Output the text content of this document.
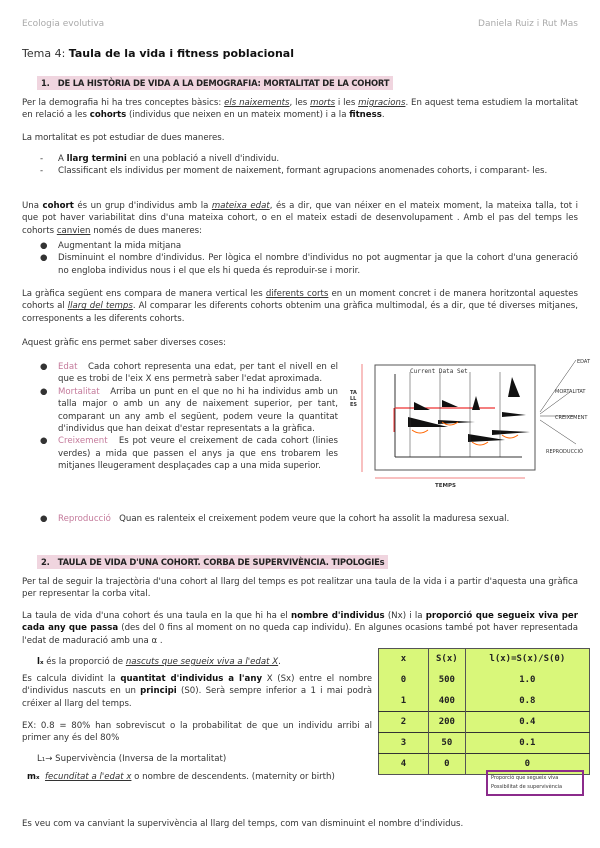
Ecologia evolutiva	Daniela Ruiz i Rut Mas
Tema 4: Taula de la vida i fitness poblacional
1. DE LA HISTÒRIA DE VIDA A LA DEMOGRAFIA: MORTALITAT DE LA COHORT

Per la demografia hi ha tres conceptes bàsics: els naixements, les morts i les migracions. En aquest tema estudiem la mortalitat en relació a les cohorts (individus que neixen en un mateix moment) i a la fitness.

La mortalitat es pot estudiar de dues maneres.

- A llarg termini en una població a nivell d'individu.
- Classificant els individus per moment de naixement, formant agrupacions anomenades cohorts, i comparant- les.

Una cohort és un grup d'individus amb la mateixa edat, és a dir, que van néixer en el mateix moment, la mateixa talla, tot i que pot haver variabilitat dins d'una mateixa cohort, o en el mateix estadi de desenvolupament . Amb el pas del temps les cohorts canvien només de dues maneres:

● Augmentant la mida mitjana
● Disminuint el nombre d'individus. Per lògica el nombre d'individus no pot augmentar ja que la cohort d'una generació no engloba individus nous i el que els hi queda és reproduir-se i morir.

La gràfica següent ens compara de manera vertical les diferents corts en un moment concret i de manera horitzontal aquestes cohorts al llarg del temps. Al comparar les diferents cohorts obtenim una gràfica multimodal, és a dir, que té diverses mitjanes, corresponents a les diferents cohorts.

Aquest gràfic ens permet saber diverses coses:

● Edat Cada cohort representa una edat, per tant el nivell en el que es trobi de l'eix X ens permetrà saber l'edat aproximada.
● Mortalitat Arriba un punt en el que no hi ha individus amb un talla major o amb un any de naixement superior, per tant, comparant un any amb el següent, podem veure la quantitat d'individus que han deixat d'estar representats a la gràfica.
● Creixement Es pot veure el creixement de cada cohort (linies verdes) a mida que passen el anys ja que ens trobarem les mitjanes lleugerament desplaçades cap a una mida superior.
● Reproducció Quan es ralenteix el creixement podem veure que la cohort ha assolit la maduresa sexual.
Current Data Set
TALLES
TEMPS
EDAT
MORTALITAT
CREIXEMENT
REPRODUCCIÓ
2. TAULA DE VIDA D'UNA COHORT. CORBA DE SUPERVIVÈNCIA. TIPOLOGIEs

Per tal de seguir la trajectòria d'una cohort al llarg del temps es pot realitzar una taula de la vida i a partir d'aquesta una gràfica per representar la corba vital.

La taula de vida d'una cohort és una taula en la que hi ha el nombre d'individus (Nx) i la proporció que segueix viva per cada any que passa (des del 0 fins al moment on no queda cap individu). En algunes ocasions també pot haver representada l'edat de maduració amb una α .

lₓ és la proporció de nascuts que segueix viva a l'edat X.

Es calcula dividint la quantitat d'individus a l'any X (Sx) entre el nombre d'individus nascuts en un principi (S0). Serà sempre inferior a 1 i mai podrà créixer al llarg del temps.

EX: 0.8 = 80% han sobreviscut o la probabilitat de que un individu arribi al primer any és del 80%

L₁→ Supervivència (Inversa de la mortalitat)
mₓ fecunditat a l'edat x o nombre de descendents. (maternity or birth)
x	S(x)	l(x)=S(x)/S(0)
0	500	1.0
1	400	0.8
2	200	0.4
3	50	0.1
4	0	0
Proporció que segueix viva
Possibilitat de supervivència

Es veu com va canviant la supervivència al llarg del temps, com van disminuint el nombre d'individus.
